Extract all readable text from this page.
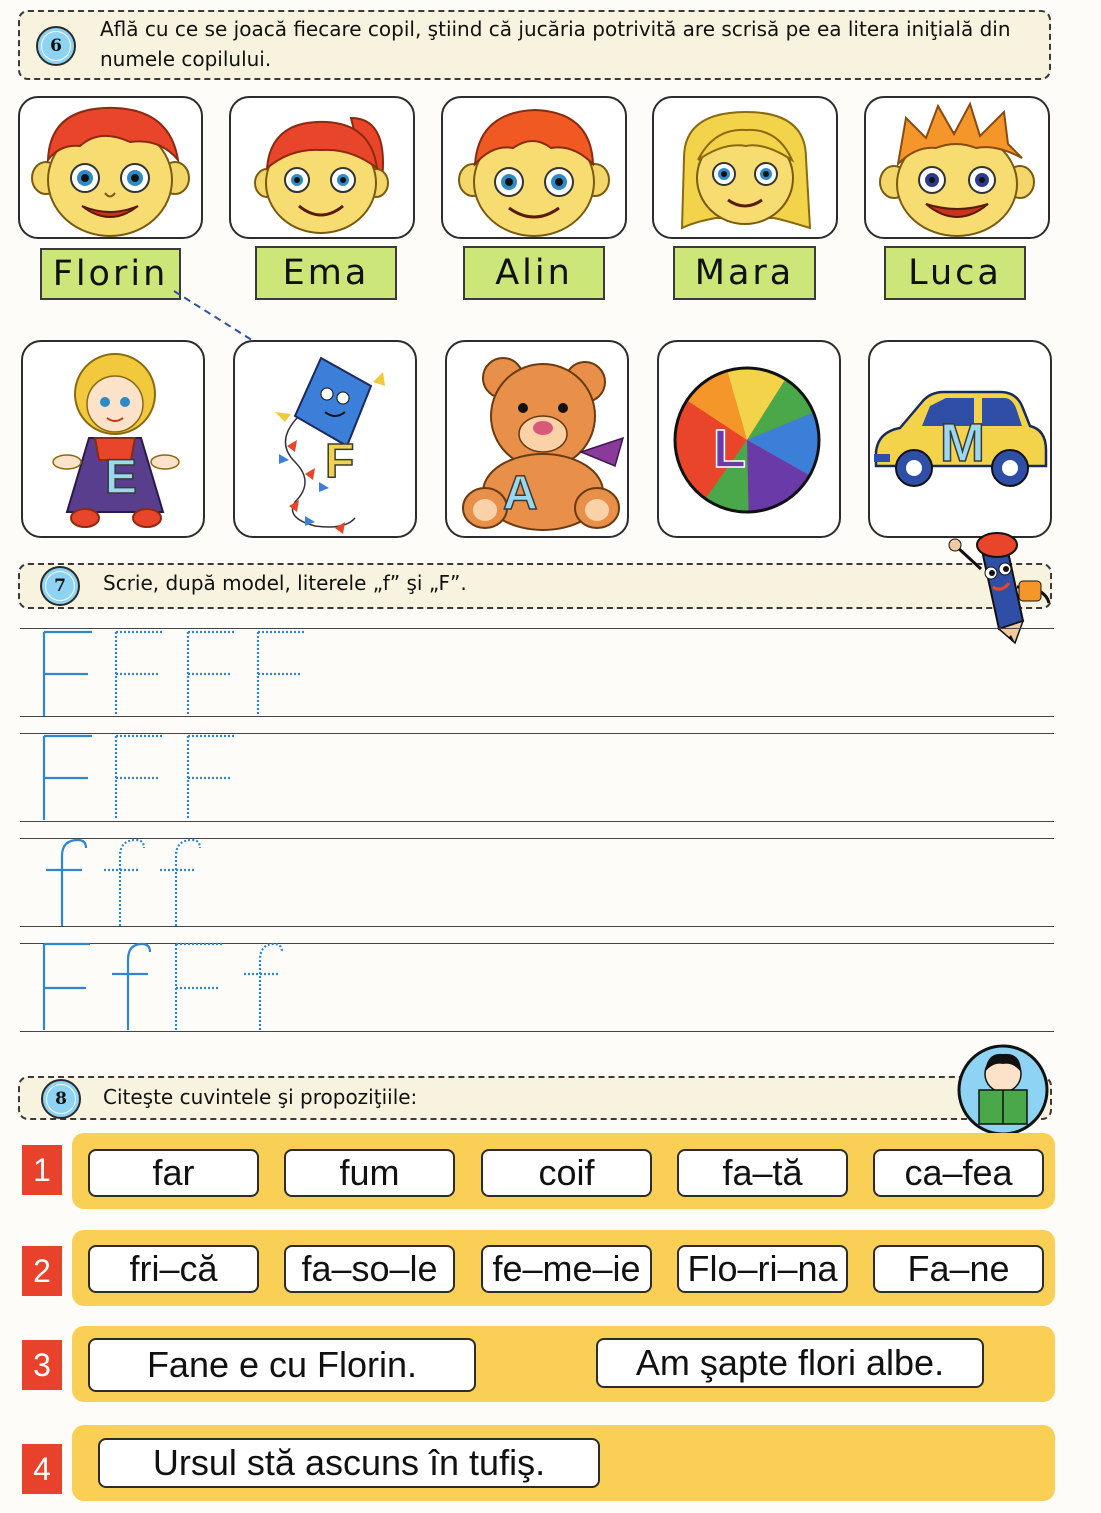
6
Află cu ce se joacă fiecare copil, ştiind că jucăria potrivită are scrisă pe ea litera iniţială din
numele copilului.
Florin	Ema	Alin	Mara	Luca
E	F
A
L	M
7	Scrie, după model, literele „f” şi „F”.
8	Citeşte cuvintele şi propoziţiile:
1	far	fum	coif	fa–tă	ca–fea
2	fri–că	fa–so–le	fe–me–ie	Flo–ri–na	Fa–ne
3	Fane e cu Florin.	Am şapte flori albe.
4	Ursul stă ascuns în tufiş.
